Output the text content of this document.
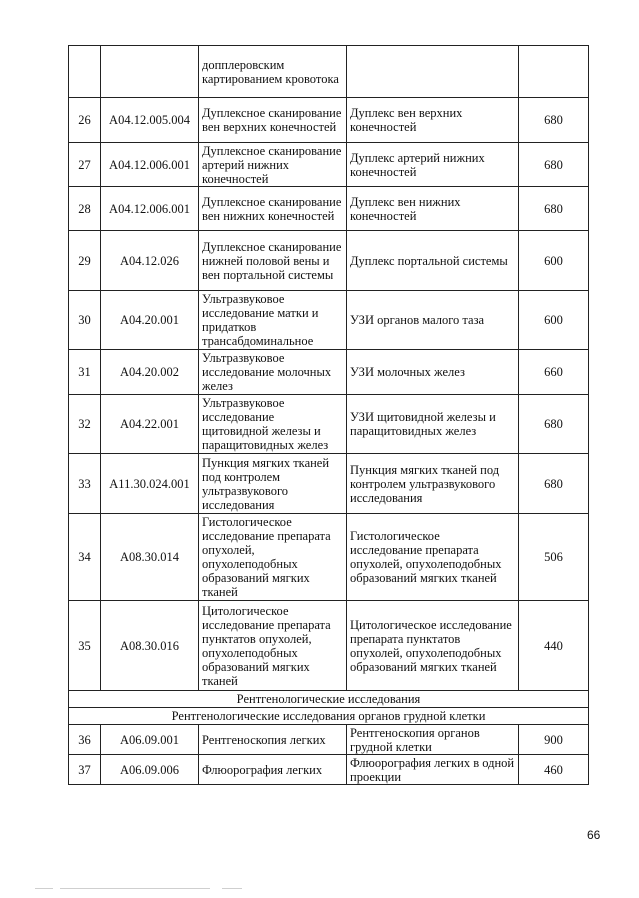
		допплеровским картированием кровотока		
26	A04.12.005.004	Дуплексное сканирование вен верхних конечностей	Дуплекс вен верхних конечностей	680
27	A04.12.006.001	Дуплексное сканирование артерий нижних конечностей	Дуплекс артерий нижних конечностей	680
28	A04.12.006.001	Дуплексное сканирование вен нижних конечностей	Дуплекс вен нижних конечностей	680
29	A04.12.026	Дуплексное сканирование нижней половой вены и вен портальной системы	Дуплекс портальной системы	600
30	A04.20.001	Ультразвуковое исследование матки и придатков трансабдоминальное	УЗИ органов малого таза	600
31	A04.20.002	Ультразвуковое исследование молочных желез	УЗИ молочных желез	660
32	A04.22.001	Ультразвуковое исследование щитовидной железы и паращитовидных желез	УЗИ щитовидной железы и паращитовидных желез	680
33	A11.30.024.001	Пункция мягких тканей под контролем ультразвукового исследования	Пункция мягких тканей под контролем ультразвукового исследования	680
34	A08.30.014	Гистологическое исследование препарата опухолей, опухолеподобных образований мягких тканей	Гистологическое исследование препарата опухолей, опухолеподобных образований мягких тканей	506
35	A08.30.016	Цитологическое исследование препарата пунктатов опухолей, опухолеподобных образований мягких тканей	Цитологическое исследование препарата пунктатов опухолей, опухолеподобных образований мягких тканей	440
Рентгенологические исследования				
Рентгенологические исследования органов грудной клетки				
36	A06.09.001	Рентгеноскопия легких	Рентгеноскопия органов грудной клетки	900
37	A06.09.006	Флюорография легких	Флюорография легких в одной проекции	460
66
